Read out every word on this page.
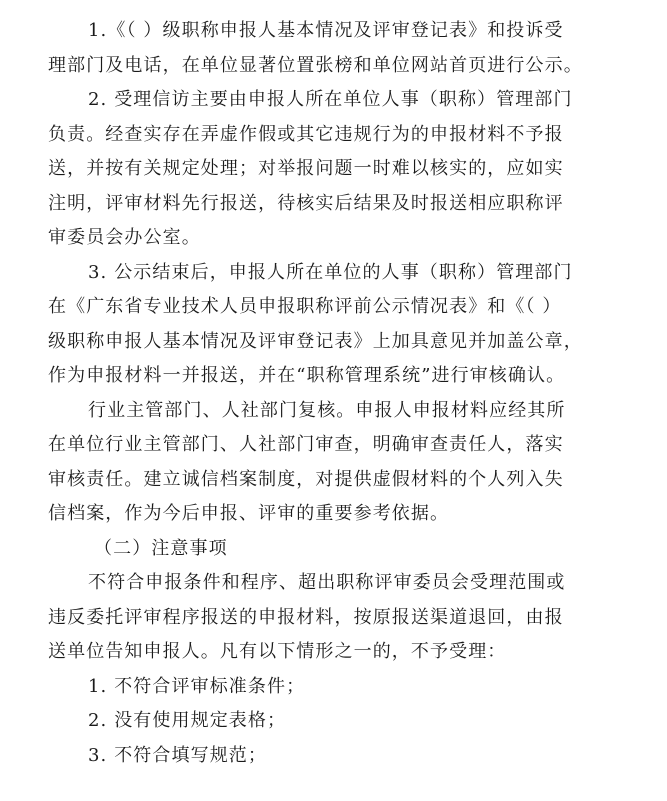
1.《（ ）级职称申报人基本情况及评审登记表》和投诉受
理部门及电话，在单位显著位置张榜和单位网站首页进行公示。
2. 受理信访主要由申报人所在单位人事（职称）管理部门
负责。经查实存在弄虚作假或其它违规行为的申报材料不予报
送，并按有关规定处理；对举报问题一时难以核实的，应如实
注明，评审材料先行报送，待核实后结果及时报送相应职称评
审委员会办公室。
3. 公示结束后，申报人所在单位的人事（职称）管理部门
在《广东省专业技术人员申报职称评前公示情况表》和《（ ）
级职称申报人基本情况及评审登记表》上加具意见并加盖公章，
作为申报材料一并报送，并在“职称管理系统”进行审核确认。
行业主管部门、人社部门复核。申报人申报材料应经其所
在单位行业主管部门、人社部门审查，明确审查责任人，落实
审核责任。建立诚信档案制度，对提供虚假材料的个人列入失
信档案，作为今后申报、评审的重要参考依据。
（二）注意事项
不符合申报条件和程序、超出职称评审委员会受理范围或
违反委托评审程序报送的申报材料，按原报送渠道退回，由报
送单位告知申报人。凡有以下情形之一的，不予受理：
1. 不符合评审标准条件；
2. 没有使用规定表格；
3. 不符合填写规范；
